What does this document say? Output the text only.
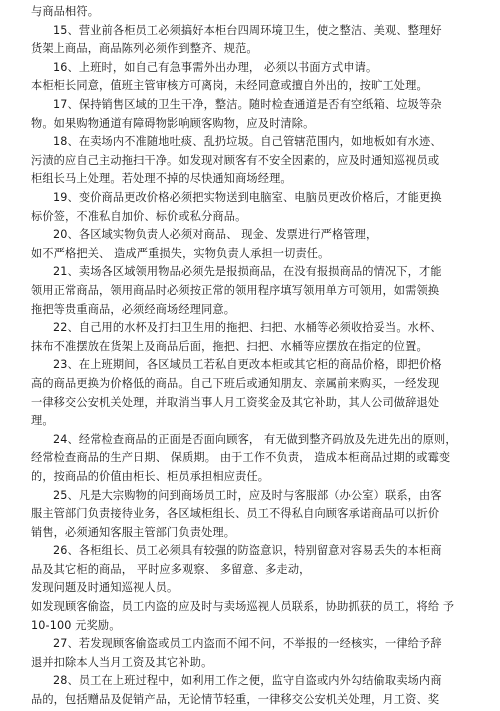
与商品相符。
15、营业前各柜员工必须搞好本柜台四周环境卫生，使之整洁、美观、整理好
货架上商品，商品陈列必须作到整齐、规范。
16、上班时，如自己有急事需外出办理， 必须以书面方式申请。
本柜柜长同意，值班主管审核方可离岗，未经同意或擅自外出的，按旷工处理。
17、保持销售区域的卫生干净，整洁。随时检查通道是否有空纸箱、垃圾等杂
物。如果购物通道有障碍物影响顾客购物，应及时清除。
18、在卖场内不准随地吐痰、乱扔垃圾。自己管辖范围内，如地板如有水迹、
污渍的应自己主动拖扫干净。如发现对顾客有不安全因素的，应及时通知巡视员或
柜组长马上处理。若处理不掉的尽快通知商场经理。
19、变价商品更改价格必须把实物送到电脑室、电脑员更改价格后，才能更换
标价签，不准私自加价、标价或私分商品。
20、各区域实物负责人必须对商品、 现金、发票进行严格管理，
如不严格把关、 造成严重损失，实物负责人承担一切责任。
21、卖场各区域领用物品必须先是报损商品，在没有报损商品的情况下，才能
领用正常商品，领用商品时必须按正常的领用程序填写领用单方可领用，如需领换
拖把等贵重商品，必须经商场经理同意。
22、自己用的水杯及打扫卫生用的拖把、扫把、水桶等必须收拾妥当。水杯、
抹布不准摆放在货架上及商品后面，拖把、扫把、水桶等应摆放在指定的位置。
23、在上班期间，各区域员工若私自更改本柜或其它柜的商品价格，即把价格
高的商品更换为价格低的商品。自己下班后或通知朋友、亲属前来购买，一经发现
一律移交公安机关处理，并取消当事人月工资奖金及其它补助，其人公司做辞退处
理。
24、经常检查商品的正面是否面向顾客， 有无做到整齐码放及先进先出的原则，
经常检查商品的生产日期、 保质期。 由于工作不负责， 造成本柜商品过期的或霉变
的，按商品的价值由柜长、柜员承担相应责任。
25、凡是大宗购物的问到商场员工时，应及时与客服部（办公室）联系，由客
服主管部门负责接待业务，各区域柜组长、员工不得私自向顾客承诺商品可以折价
销售，必须通知客服主管部门负责处理。
26、各柜组长、员工必须具有较强的防盗意识，特别留意对容易丢失的本柜商
品及其它柜的商品， 平时应多观察、 多留意、多走动，
发现问题及时通知巡视人员。
如发现顾客偷盗，员工内盗的应及时与卖场巡视人员联系，协助抓获的员工，将给 予
10-100 元奖励。
27、若发现顾客偷盗或员工内盗而不闻不问，不举报的一经核实，一律给予辞
退并扣除本人当月工资及其它补助。
28、员工在上班过程中，如利用工作之便，监守自盗或内外勾结偷取卖场内商
品的，包括赠品及促销产品，无论情节轻重，一律移交公安机关处理，月工资、奖
